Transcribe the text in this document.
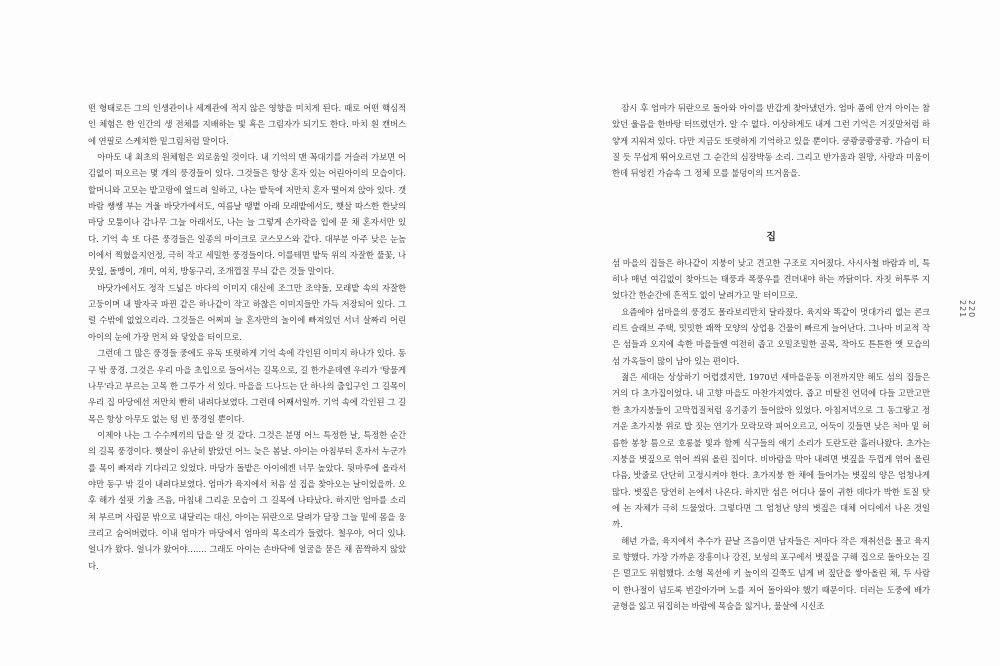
떤 형태로든 그의 인생관이나 세계관에 적지 않은 영향을 미치게 된다. 때로 어떤 핵심적인 체험은 한 인간의 생 전체를 지배하는 빛 혹은 그림자가 되기도 한다. 마치 흰 캔버스에 연필로 스케치한 밑그림처럼 말이다.

아마도 내 최초의 원체험은 외로움일 것이다. 내 기억의 맨 꼭대기를 거슬러 가보면 어김없이 떠오르는 몇 개의 풍경들이 있다. 그것들은 항상 혼자 있는 어린아이의 모습이다. 할머니와 고모는 밭고랑에 엎드려 일하고, 나는 밭둑에 저만치 혼자 떨어져 앉아 있다. 갯바람 쌩쌩 부는 겨울 바닷가에서도, 여름날 땡볕 아래 모래밭에서도, 햇살 따스한 한낮의 마당 모퉁이나 감나무 그늘 아래서도, 나는 늘 그렇게 손가락을 입에 문 채 혼자서만 있다. 기억 속 또 다른 풍경들은 일종의 마이크로 코스모스와 같다. 대부분 아주 낮은 눈높이에서 찍혔을지언정, 극히 작고 세밀한 풍경들이다. 이를테면 밭둑 위의 자잘한 풀꽃, 나뭇잎, 돌멩이, 개미, 여치, 방동구리, 조개껍질 무늬 같은 것들 말이다.

바닷가에서도 정작 드넓은 바다의 이미지 대신에 조그만 조약돌, 모래밭 속의 자잘한 고둥이며 내 발자국 파뀐 같은 하나같이 작고 하찮은 이미지들만 가득 저장되어 있다. 그럴 수밖에 없었으리라. 그것들은 어쩌피 늘 혼자만의 놀이에 빠져있던 서너 살짜리 어린아이의 눈에 가장 먼저 와 닿았을 터이므로.

그런데 그 많은 풍경들 중에도 유독 또렷하게 기억 속에 각인된 이미지 하나가 있다. 동구 밖 풍경. 그것은 우리 마을 초입으로 들어서는 길목으로, 길 한가운데엔 우리가 '탕물게나무'라고 부르는 고목 한 그루가 서 있다. 마을을 드나드는 단 하나의 출입구인 그 길목이 우리 집 마당에선 저만치 빤히 내려다보였다. 그런데 어째서일까. 기억 속에 각인된 그 길목은 항상 아무도 없는 텅 빈 풍경일 뿐이다.

이제야 나는 그 수수께끼의 답을 알 것 같다. 그것은 분명 어느 특정한 날, 특정한 순간의 길목 풍경이다. 햇살이 유난히 밝았던 어느 늦은 봄날. 아이는 아침부터 혼자서 누군가를 목이 빠져라 기다리고 있었다. 마당가 돌밭은 아이에겐 너무 높았다. 뒷마루에 올라서야만 동구 밖 길이 내려다보였다. 엄마가 육지에서 처음 설 집을 찾아오는 날이었을까. 오후 해가 설핏 기울 즈음, 마침내 그리운 모습이 그 길목에 나타났다. 하지만 엄마를 소리쳐 부르며 사립문 밖으로 내달리는 대신, 아이는 뒤란으로 달려가 담장 그늘 밑에 몸을 웅크리고 숨어버렸다. 이내 엄마가 마당에서 엄마의 목소리가 들렸다. 철우야, 어디 있냐. 얼니가 왔다. 얼니가 왔어야……. 그래도 아이는 손바닥에 얼굴을 묻은 채 꼼짝하지 않았다.

잠시 후 엄마가 뒤란으로 돌아와 아이를 반갑게 찾아냈던가. 엄마 품에 안겨 아이는 참았던 울음을 한바탕 터뜨렸던가. 알 수 없다. 이상하게도 내게 그런 기억은 거짓말처럼 하얗게 지워져 있다. 다만 지금도 또렷하게 기억하고 있을 뿐이다. 쿵쾅쿵쾅쿵쾅. 가슴이 터질 듯 무섭게 뛰어오르던 그 순간의 심장박동 소리. 그리고 반가움과 원망, 사랑과 미움이 한데 뒤엉킨 가슴속 그 정체 모를 불덩이의 뜨거움을.

집

섬 마을의 집들은 하나같이 지붕이 낮고 견고한 구조로 지어졌다. 사시사철 바람과 비, 특히나 매년 여김없이 찾아드는 태풍과 폭풍우를 견뎌내야 하는 까닭이다. 자칫 허투루 지었다간 한순간에 흔적도 없이 날려가고 말 터이므로.

요즘에야 섬마을의 풍경도 몰라보리만치 달라졌다. 육지와 똑같이 멋대가리 없는 콘크리트 슬래브 주택, 밋밋한 쾌짝 모양의 상업용 건물이 빠르게 늘어난다. 그나마 비교적 작은 섬들과 오지에 속한 마을들엔 여전히 좁고 오밀조밀한 골목, 작아도 튼튼한 옛 모습의 섬 가옥들이 많이 남아 있는 편이다.

젊은 세대는 상상하기 어렵겠지만, 1970년 새마을운동 이전까지만 해도 섬의 집들은 거의 다 초가집이었다. 내 고향 마을도 마찬가지였다. 좁고 비탈진 언덕에 다들 고만고만한 초가지붕들이 고막껍질처럼 옹기종기 들어앉아 있었다. 아침저녁으로 그 동그랗고 정겨운 초가지붕 위로 밥 짓는 연기가 모락모락 피어오르고, 어둑이 깃들면 낮은 처마 밑 허름한 봉창 틈으로 호롱불 빛과 함께 식구들의 얘기 소리가 도란도란 흘러나왔다. 초가는 지붕을 볏짚으로 엮어 씌워 올린 집이다. 비바람을 막아 내려면 볏짚을 두껍게 엮어 올린 다음, 밧줄로 단단히 고정시켜야 한다. 초가지붕 한 채에 들어가는 볏짚의 양은 엄청나게 많다. 볏짚은 당연히 논에서 나온다. 하지만 섬은 어디나 물이 귀한 데다가 박한 토질 탓에 논 자체가 극히 드물었다. 그렇다면 그 엄청난 양의 볏짚은 대체 어디에서 나온 것일까.

해년 가을, 육지에서 추수가 끝날 즈음이면 남자들은 저마다 작은 재취선을 몰고 육지로 향했다. 가장 가까운 장흥이나 강진, 보성의 포구에서 볏짚을 구해 집으로 돌아오는 길은 멀고도 위험했다. 소형 목선에 키 높이의 길쭉도 넘게 벼 짚단을 쌓아올린 채, 두 사람이 한나절이 넘도록 번갈아가며 노를 저어 돌아와야 했기 때문이다. 더러는 도중에 배가 균형을 잃고 뒤집히는 바람에 목숨을 잃거나, 물살에 시신조

220
221
